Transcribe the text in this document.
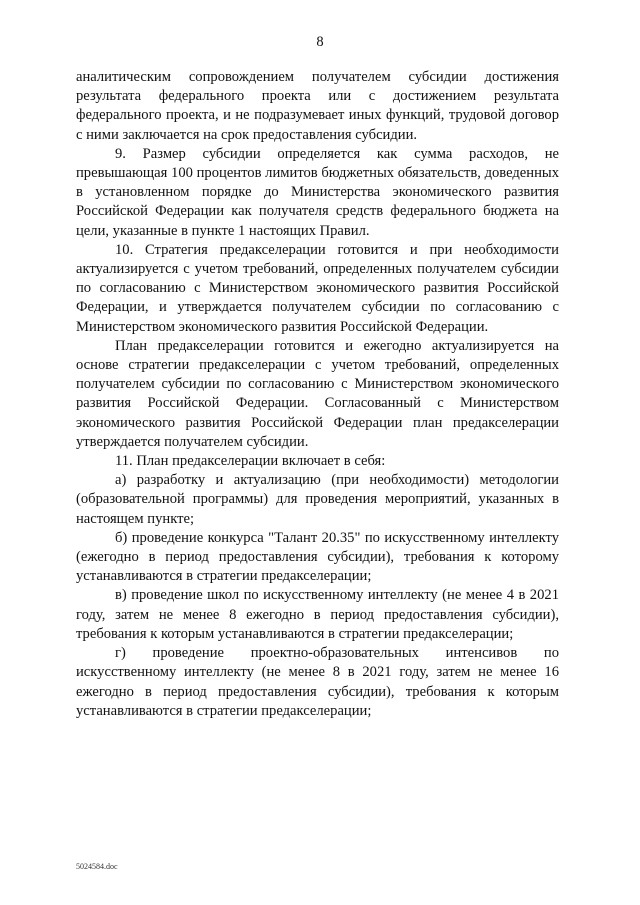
8

аналитическим сопровождением получателем субсидии достижения результата федерального проекта или с достижением результата федерального проекта, и не подразумевает иных функций, трудовой договор с ними заключается на срок предоставления субсидии.

9. Размер субсидии определяется как сумма расходов, не превышающая 100 процентов лимитов бюджетных обязательств, доведенных в установленном порядке до Министерства экономического развития Российской Федерации как получателя средств федерального бюджета на цели, указанные в пункте 1 настоящих Правил.

10. Стратегия предакселерации готовится и при необходимости актуализируется с учетом требований, определенных получателем субсидии по согласованию с Министерством экономического развития Российской Федерации, и утверждается получателем субсидии по согласованию с Министерством экономического развития Российской Федерации.

План предакселерации готовится и ежегодно актуализируется на основе стратегии предакселерации с учетом требований, определенных получателем субсидии по согласованию с Министерством экономического развития Российской Федерации. Согласованный с Министерством экономического развития Российской Федерации план предакселерации утверждается получателем субсидии.

11. План предакселерации включает в себя:

а) разработку и актуализацию (при необходимости) методологии (образовательной программы) для проведения мероприятий, указанных в настоящем пункте;

б) проведение конкурса "Талант 20.35" по искусственному интеллекту (ежегодно в период предоставления субсидии), требования к которому устанавливаются в стратегии предакселерации;

в) проведение школ по искусственному интеллекту (не менее 4 в 2021 году, затем не менее 8 ежегодно в период предоставления субсидии), требования к которым устанавливаются в стратегии предакселерации;

г) проведение проектно-образовательных интенсивов по искусственному интеллекту (не менее 8 в 2021 году, затем не менее 16 ежегодно в период предоставления субсидии), требования к которым устанавливаются в стратегии предакселерации;

5024584.doc
